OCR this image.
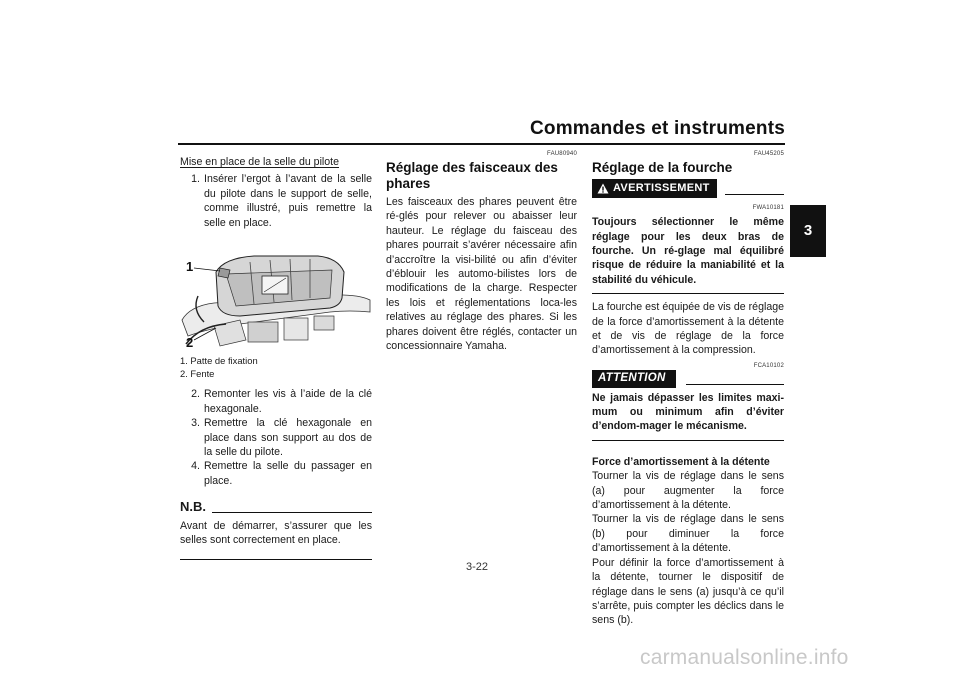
Commandes et instruments
3
Mise en place de la selle du pilote
1. Insérer l’ergot à l’avant de la selle du pilote dans le support de selle, comme illustré, puis remettre la selle en place.
1
2
1. Patte de fixation
2. Fente
2. Remonter les vis à l’aide de la clé hexagonale.
3. Remettre la clé hexagonale en place dans son support au dos de la selle du pilote.
4. Remettre la selle du passager en place.
N.B.
Avant de démarrer, s’assurer que les selles sont correctement en place.
FAU80940
Réglage des faisceaux des phares
Les faisceaux des phares peuvent être ré-glés pour relever ou abaisser leur hauteur. Le réglage du faisceau des phares pourrait s’avérer nécessaire afin d’accroître la visi-bilité ou afin d’éviter d’éblouir les automo-bilistes lors de modifications de la charge. Respecter les lois et réglementations loca-les relatives au réglage des phares. Si les phares doivent être réglés, contacter un concessionnaire Yamaha.
FAU45205
Réglage de la fourche
AVERTISSEMENT
FWA10181
Toujours sélectionner le même réglage pour les deux bras de fourche. Un ré-glage mal équilibré risque de réduire la maniabilité et la stabilité du véhicule.
La fourche est équipée de vis de réglage de la force d’amortissement à la détente et de vis de réglage de la force d’amortissement à la compression.
FCA10102
ATTENTION
Ne jamais dépasser les limites maxi-mum ou minimum afin d’éviter d’endom-mager le mécanisme.
Force d’amortissement à la détente
Tourner la vis de réglage dans le sens (a) pour augmenter la force d’amortissement à la détente.
Tourner la vis de réglage dans le sens (b) pour diminuer la force d’amortissement à la détente.
Pour définir la force d’amortissement à la détente, tourner le dispositif de réglage dans le sens (a) jusqu’à ce qu’il s’arrête, puis compter les déclics dans le sens (b).
3-22
carmanualsonline.info
